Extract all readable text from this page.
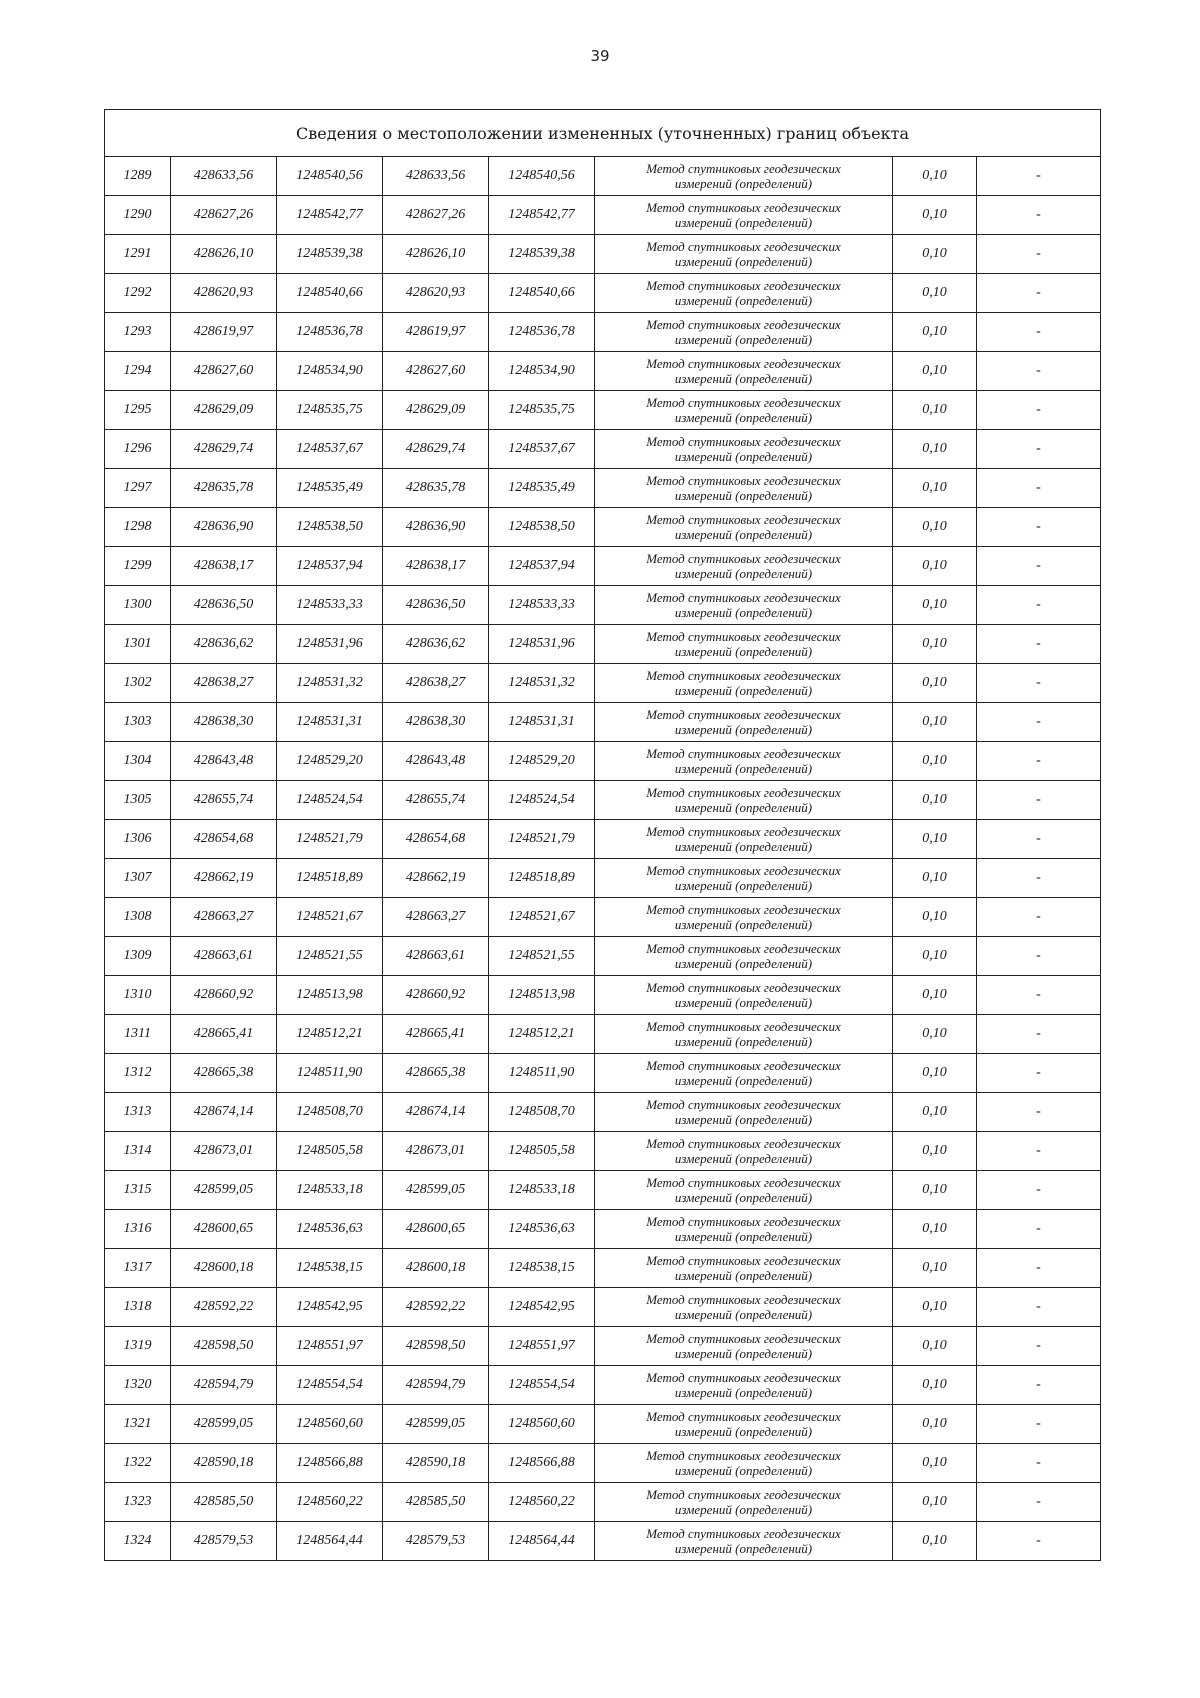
39
Сведения о местоположении измененных (уточненных) границ объекта							
1289	428633,56	1248540,56	428633,56	1248540,56	Метод спутниковых геодезических
измерений (определений)	0,10	-
1290	428627,26	1248542,77	428627,26	1248542,77	Метод спутниковых геодезических
измерений (определений)	0,10	-
1291	428626,10	1248539,38	428626,10	1248539,38	Метод спутниковых геодезических
измерений (определений)	0,10	-
1292	428620,93	1248540,66	428620,93	1248540,66	Метод спутниковых геодезических
измерений (определений)	0,10	-
1293	428619,97	1248536,78	428619,97	1248536,78	Метод спутниковых геодезических
измерений (определений)	0,10	-
1294	428627,60	1248534,90	428627,60	1248534,90	Метод спутниковых геодезических
измерений (определений)	0,10	-
1295	428629,09	1248535,75	428629,09	1248535,75	Метод спутниковых геодезических
измерений (определений)	0,10	-
1296	428629,74	1248537,67	428629,74	1248537,67	Метод спутниковых геодезических
измерений (определений)	0,10	-
1297	428635,78	1248535,49	428635,78	1248535,49	Метод спутниковых геодезических
измерений (определений)	0,10	-
1298	428636,90	1248538,50	428636,90	1248538,50	Метод спутниковых геодезических
измерений (определений)	0,10	-
1299	428638,17	1248537,94	428638,17	1248537,94	Метод спутниковых геодезических
измерений (определений)	0,10	-
1300	428636,50	1248533,33	428636,50	1248533,33	Метод спутниковых геодезических
измерений (определений)	0,10	-
1301	428636,62	1248531,96	428636,62	1248531,96	Метод спутниковых геодезических
измерений (определений)	0,10	-
1302	428638,27	1248531,32	428638,27	1248531,32	Метод спутниковых геодезических
измерений (определений)	0,10	-
1303	428638,30	1248531,31	428638,30	1248531,31	Метод спутниковых геодезических
измерений (определений)	0,10	-
1304	428643,48	1248529,20	428643,48	1248529,20	Метод спутниковых геодезических
измерений (определений)	0,10	-
1305	428655,74	1248524,54	428655,74	1248524,54	Метод спутниковых геодезических
измерений (определений)	0,10	-
1306	428654,68	1248521,79	428654,68	1248521,79	Метод спутниковых геодезических
измерений (определений)	0,10	-
1307	428662,19	1248518,89	428662,19	1248518,89	Метод спутниковых геодезических
измерений (определений)	0,10	-
1308	428663,27	1248521,67	428663,27	1248521,67	Метод спутниковых геодезических
измерений (определений)	0,10	-
1309	428663,61	1248521,55	428663,61	1248521,55	Метод спутниковых геодезических
измерений (определений)	0,10	-
1310	428660,92	1248513,98	428660,92	1248513,98	Метод спутниковых геодезических
измерений (определений)	0,10	-
1311	428665,41	1248512,21	428665,41	1248512,21	Метод спутниковых геодезических
измерений (определений)	0,10	-
1312	428665,38	1248511,90	428665,38	1248511,90	Метод спутниковых геодезических
измерений (определений)	0,10	-
1313	428674,14	1248508,70	428674,14	1248508,70	Метод спутниковых геодезических
измерений (определений)	0,10	-
1314	428673,01	1248505,58	428673,01	1248505,58	Метод спутниковых геодезических
измерений (определений)	0,10	-
1315	428599,05	1248533,18	428599,05	1248533,18	Метод спутниковых геодезических
измерений (определений)	0,10	-
1316	428600,65	1248536,63	428600,65	1248536,63	Метод спутниковых геодезических
измерений (определений)	0,10	-
1317	428600,18	1248538,15	428600,18	1248538,15	Метод спутниковых геодезических
измерений (определений)	0,10	-
1318	428592,22	1248542,95	428592,22	1248542,95	Метод спутниковых геодезических
измерений (определений)	0,10	-
1319	428598,50	1248551,97	428598,50	1248551,97	Метод спутниковых геодезических
измерений (определений)	0,10	-
1320	428594,79	1248554,54	428594,79	1248554,54	Метод спутниковых геодезических
измерений (определений)	0,10	-
1321	428599,05	1248560,60	428599,05	1248560,60	Метод спутниковых геодезических
измерений (определений)	0,10	-
1322	428590,18	1248566,88	428590,18	1248566,88	Метод спутниковых геодезических
измерений (определений)	0,10	-
1323	428585,50	1248560,22	428585,50	1248560,22	Метод спутниковых геодезических
измерений (определений)	0,10	-
1324	428579,53	1248564,44	428579,53	1248564,44	Метод спутниковых геодезических
измерений (определений)	0,10	-
